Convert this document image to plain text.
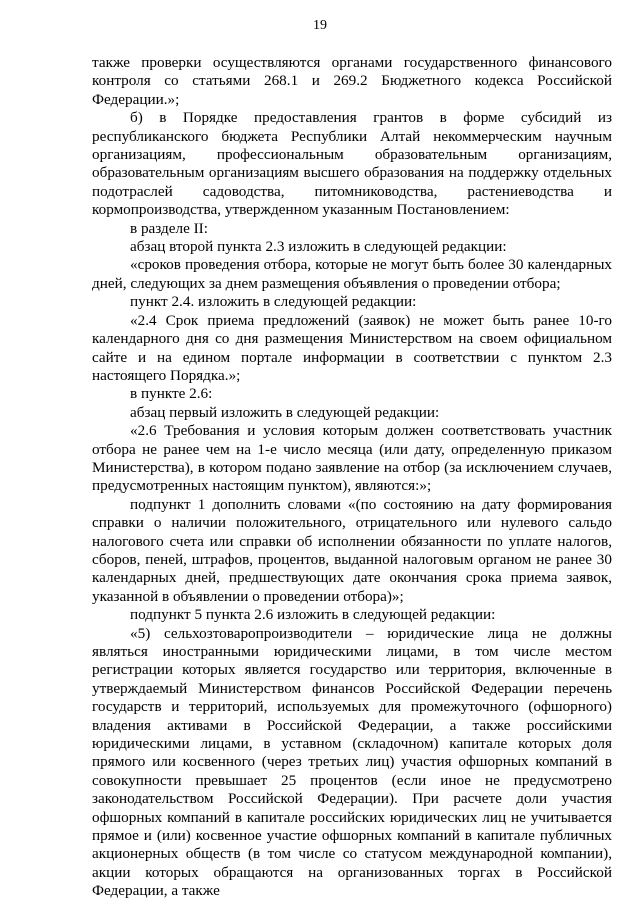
19

также проверки осуществляются органами государственного финансового контроля со статьями 268.1 и 269.2 Бюджетного кодекса Российской Федерации.»;

б) в Порядке предоставления грантов в форме субсидий из республиканского бюджета Республики Алтай некоммерческим научным организациям, профессиональным образовательным организациям, образовательным организациям высшего образования на поддержку отдельных подотраслей садоводства, питомниководства, растениеводства и кормопроизводства, утвержденном указанным Постановлением:

в разделе II:

абзац второй пункта 2.3 изложить в следующей редакции:

«сроков проведения отбора, которые не могут быть более 30 календарных дней, следующих за днем размещения объявления о проведении отбора;

пункт 2.4. изложить в следующей редакции:

«2.4 Срок приема предложений (заявок) не может быть ранее 10-го календарного дня со дня размещения Министерством на своем официальном сайте и на едином портале информации в соответствии с пунктом 2.3 настоящего Порядка.»;

в пункте 2.6:

абзац первый изложить в следующей редакции:

«2.6 Требования и условия которым должен соответствовать участник отбора не ранее чем на 1-е число месяца (или дату, определенную приказом Министерства), в котором подано заявление на отбор (за исключением случаев, предусмотренных настоящим пунктом), являются:»;

подпункт 1 дополнить словами «(по состоянию на дату формирования справки о наличии положительного, отрицательного или нулевого сальдо налогового счета или справки об исполнении обязанности по уплате налогов, сборов, пеней, штрафов, процентов, выданной налоговым органом не ранее 30 календарных дней, предшествующих дате окончания срока приема заявок, указанной в объявлении о проведении отбора)»;

подпункт 5 пункта 2.6 изложить в следующей редакции:

«5) сельхозтоваропроизводители – юридические лица не должны являться иностранными юридическими лицами, в том числе местом регистрации которых является государство или территория, включенные в утверждаемый Министерством финансов Российской Федерации перечень государств и территорий, используемых для промежуточного (офшорного) владения активами в Российской Федерации, а также российскими юридическими лицами, в уставном (складочном) капитале которых доля прямого или косвенного (через третьих лиц) участия офшорных компаний в совокупности превышает 25 процентов (если иное не предусмотрено законодательством Российской Федерации). При расчете доли участия офшорных компаний в капитале российских юридических лиц не учитывается прямое и (или) косвенное участие офшорных компаний в капитале публичных акционерных обществ (в том числе со статусом международной компании), акции которых обращаются на организованных торгах в Российской Федерации, а также
